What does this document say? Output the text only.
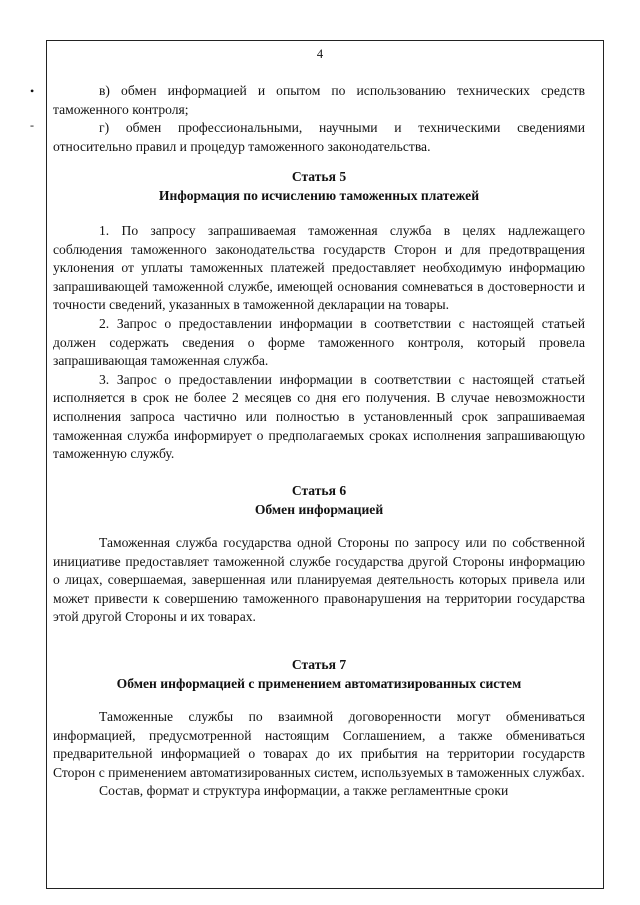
4
•
-

в) обмен информацией и опытом по использованию технических средств таможенного контроля;

г) обмен профессиональными, научными и техническими сведениями относительно правил и процедур таможенного законодательства.

Статья 5
Информация по исчислению таможенных платежей

1. По запросу запрашиваемая таможенная служба в целях надлежащего соблюдения таможенного законодательства государств Сторон и для предотвращения уклонения от уплаты таможенных платежей предоставляет необходимую информацию запрашивающей таможенной службе, имеющей основания сомневаться в достоверности и точности сведений, указанных в таможенной декларации на товары.

2. Запрос о предоставлении информации в соответствии с настоящей статьей должен содержать сведения о форме таможенного контроля, который провела запрашивающая таможенная служба.

3. Запрос о предоставлении информации в соответствии с настоящей статьей исполняется в срок не более 2 месяцев со дня его получения. В случае невозможности исполнения запроса частично или полностью в установленный срок запрашиваемая таможенная служба информирует о предполагаемых сроках исполнения запрашивающую таможенную службу.

Статья 6
Обмен информацией

Таможенная служба государства одной Стороны по запросу или по собственной инициативе предоставляет таможенной службе государства другой Стороны информацию о лицах, совершаемая, завершенная или планируемая деятельность которых привела или может привести к совершению таможенного правонарушения на территории государства этой другой Стороны и их товарах.

Статья 7
Обмен информацией с применением автоматизированных систем

Таможенные службы по взаимной договоренности могут обмениваться информацией, предусмотренной настоящим Соглашением, а также обмениваться предварительной информацией о товарах до их прибытия на территории государств Сторон с применением автоматизированных систем, используемых в таможенных службах.

Состав, формат и структура информации, а также регламентные сроки
